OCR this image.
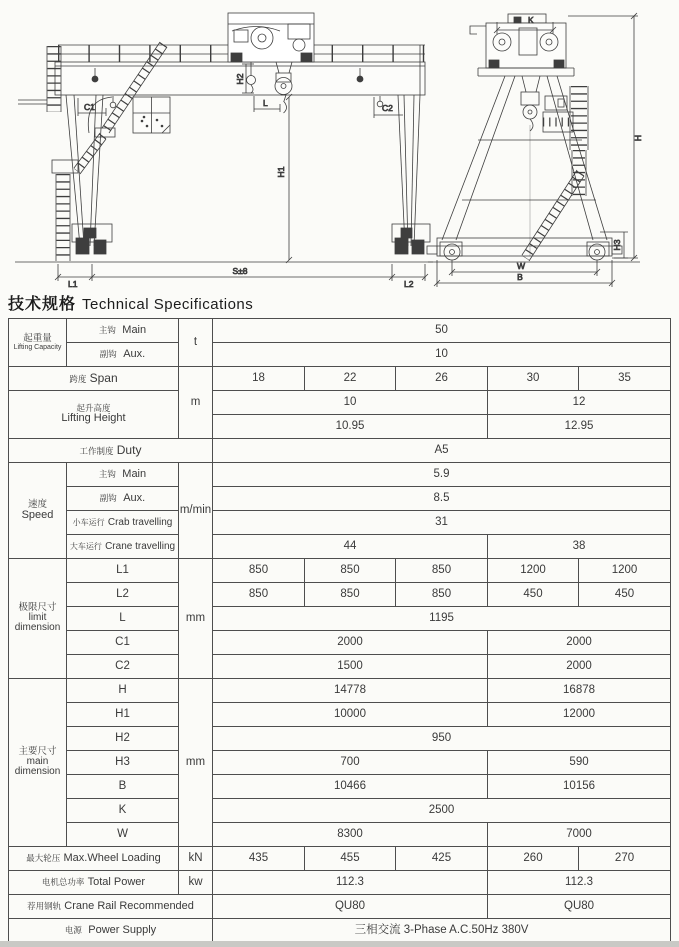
C1	C2
H2
L
H1
L1
S±8
L2
K
H
H3
W
B
技术规格 Technical Specifications
起重量
Lifting Capacity	主钩 Main	t	50				
	副钩 Aux.		10				
跨度 Span		m	18	22	26	30	35

起升高度
Lifting Height			10			12	
			10.95			12.95	
工作制度 Duty			A5				

速度
Speed	主钩 Main	m/min	5.9				
	副钩 Aux.		8.5				
	小车运行 Crab travelling		31				
	大车运行 Crane travelling		44			38	

极限尺寸
limit
dimension	L1	mm	850	850	850	1200	1200
	L2		850	850	850	450	450
	L		1195				
	C1		2000			2000	
	C2		1500			2000	

主要尺寸
main
dimension	H	mm	14778			16878	
	H1		10000			12000	
	H2		950				
	H3		700			590	
	B		10466			10156	
	K		2500				
	W		8300			7000	
最大轮压 Max.Wheel Loading		kN	435	455	425	260	270
电机总功率 Total Power		kw	112.3			112.3	
荐用钢轨 Crane Rail Recommended			QU80			QU80	
电源 Power Supply			三相交流 3-Phase A.C.50Hz 380V				
